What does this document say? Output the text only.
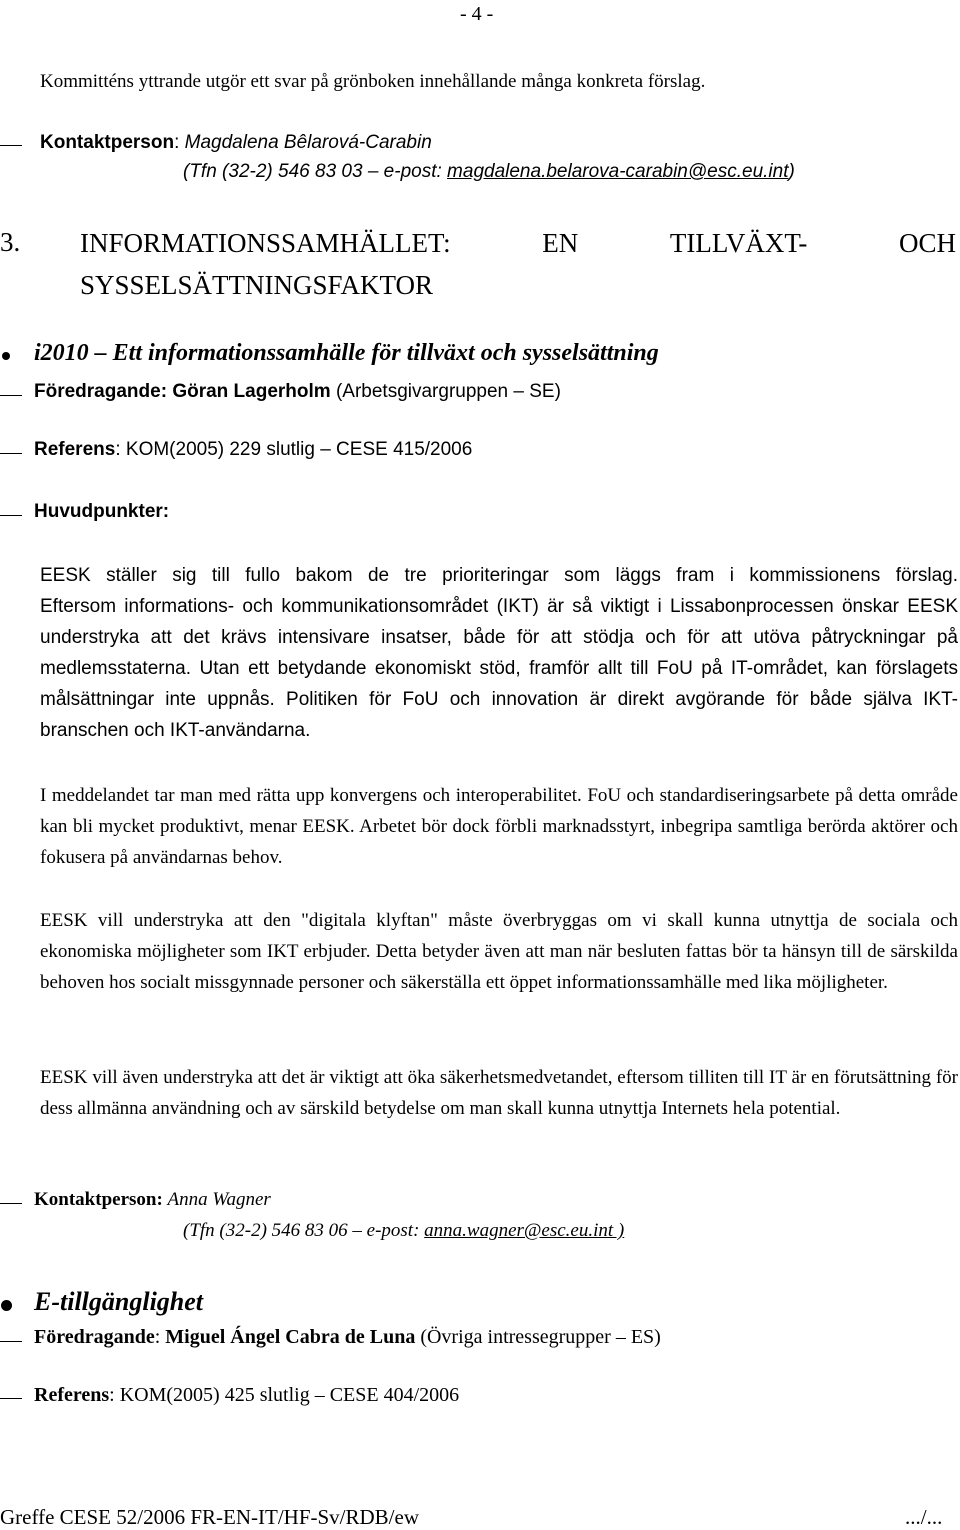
- 4 -
Kommitténs yttrande utgör ett svar på grönboken innehållande många konkreta förslag.
Kontaktperson: Magdalena Bêlarová-Carabin
(Tfn (32-2) 546 83 03 – e-post: magdalena.belarova-carabin@esc.eu.int)
3. INFORMATIONSSAMHÄLLET:	EN	TILLVÄXT-	OCH
SYSSELSÄTTNINGSFAKTOR
i2010 – Ett informationssamhälle för tillväxt och sysselsättning
Föredragande: Göran Lagerholm (Arbetsgivargruppen – SE)
Referens: KOM(2005) 229 slutlig – CESE 415/2006
Huvudpunkter:
EESK ställer sig till fullo bakom de tre prioriteringar som läggs fram i kommissionens förslag.

Eftersom informations- och kommunikationsområdet (IKT) är så viktigt i Lissabonprocessen önskar EESK understryka att det krävs intensivare insatser, både för att stödja och för att utöva påtryckningar på medlemsstaterna. Utan ett betydande ekonomiskt stöd, framför allt till FoU på IT-området, kan förslagets målsättningar inte uppnås. Politiken för FoU och innovation är direkt avgörande för både själva IKT-branschen och IKT-användarna.

I meddelandet tar man med rätta upp konvergens och interoperabilitet. FoU och standardiseringsarbete på detta område kan bli mycket produktivt, menar EESK. Arbetet bör dock förbli marknadsstyrt, inbegripa samtliga berörda aktörer och fokusera på användarnas behov.
EESK vill understryka att den "digitala klyftan" måste överbryggas om vi skall kunna utnyttja de sociala och ekonomiska möjligheter som IKT erbjuder. Detta betyder även att man när besluten fattas bör ta hänsyn till de särskilda behoven hos socialt missgynnade personer och säkerställa ett öppet informationssamhälle med lika möjligheter.
EESK vill även understryka att det är viktigt att öka säkerhetsmedvetandet, eftersom tilliten till IT är en förutsättning för dess allmänna användning och av särskild betydelse om man skall kunna utnyttja Internets hela potential.
Kontaktperson: Anna Wagner
(Tfn (32-2) 546 83 06 – e-post: anna.wagner@esc.eu.int )
E-tillgänglighet
Föredragande: Miguel Ángel Cabra de Luna (Övriga intressegrupper – ES)
Referens: KOM(2005) 425 slutlig – CESE 404/2006
Greffe CESE 52/2006 FR-EN-IT/HF-Sv/RDB/ew	.../...
